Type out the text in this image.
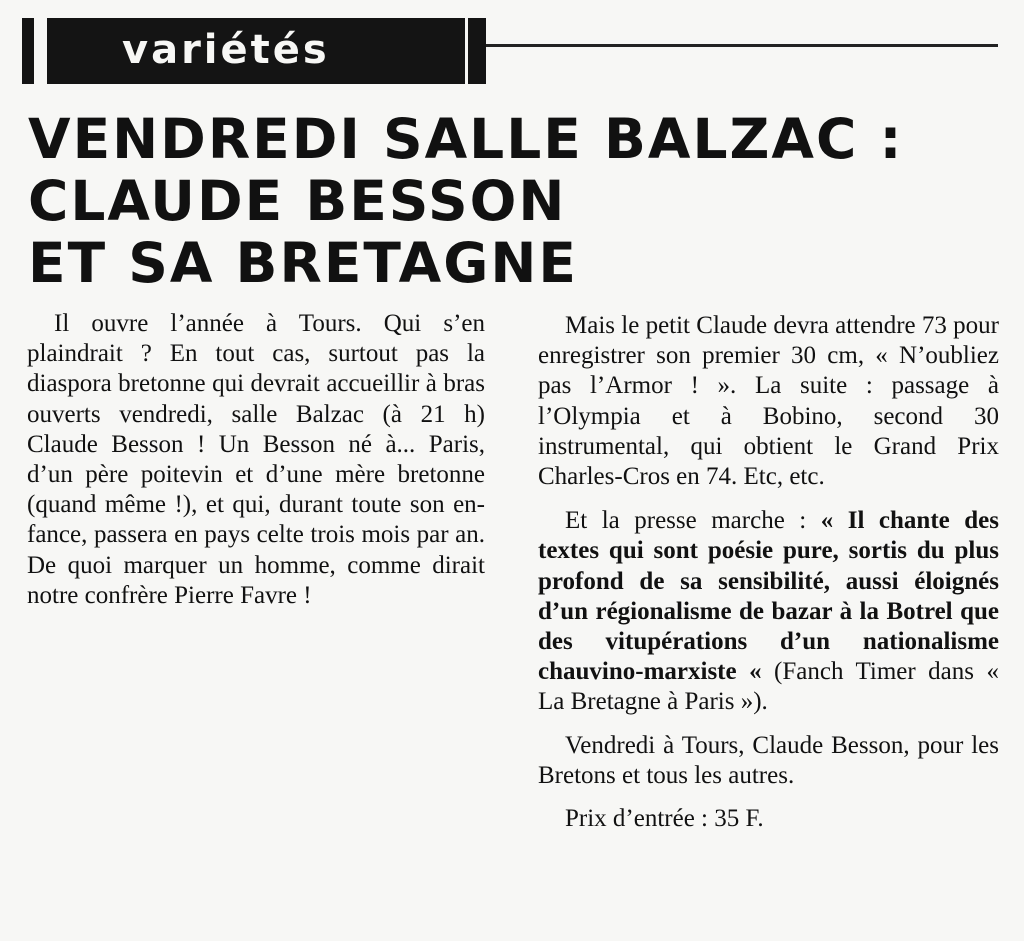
variétés
VENDREDI SALLE BALZAC :
CLAUDE BESSON
ET SA BRETAGNE

Il ouvre l’année à Tours. Qui s’en plaindrait ? En tout cas, surtout pas la diaspora bretonne qui devrait accueillir à bras ouverts vendredi, salle Balzac (à 21 h) Claude Besson ! Un Besson né à... Paris, d’un père poitevin et d’une mère bretonne (quand même !), et qui, durant toute son enfance, passera en pays celte trois mois par an. De quoi marquer un homme, comme dirait notre confrère Pierre Favre !

Mais le petit Claude devra attendre 73 pour enregistrer son premier 30 cm, « N’oubliez pas l’Armor ! ». La suite : passage à l’Olympia et à Bobino, second 30 instrumental, qui obtient le Grand Prix Charles-Cros en 74. Etc, etc.

Et la presse marche : « Il chante des textes qui sont poésie pure, sortis du plus profond de sa sensibilité, aussi éloignés d’un régionalisme de bazar à la Botrel que des vitupérations d’un nationalisme chauvino-marxiste « (Fanch Timer dans « La Bretagne à Paris »).

Vendredi à Tours, Claude Besson, pour les Bretons et tous les autres.

Prix d’entrée : 35 F.
